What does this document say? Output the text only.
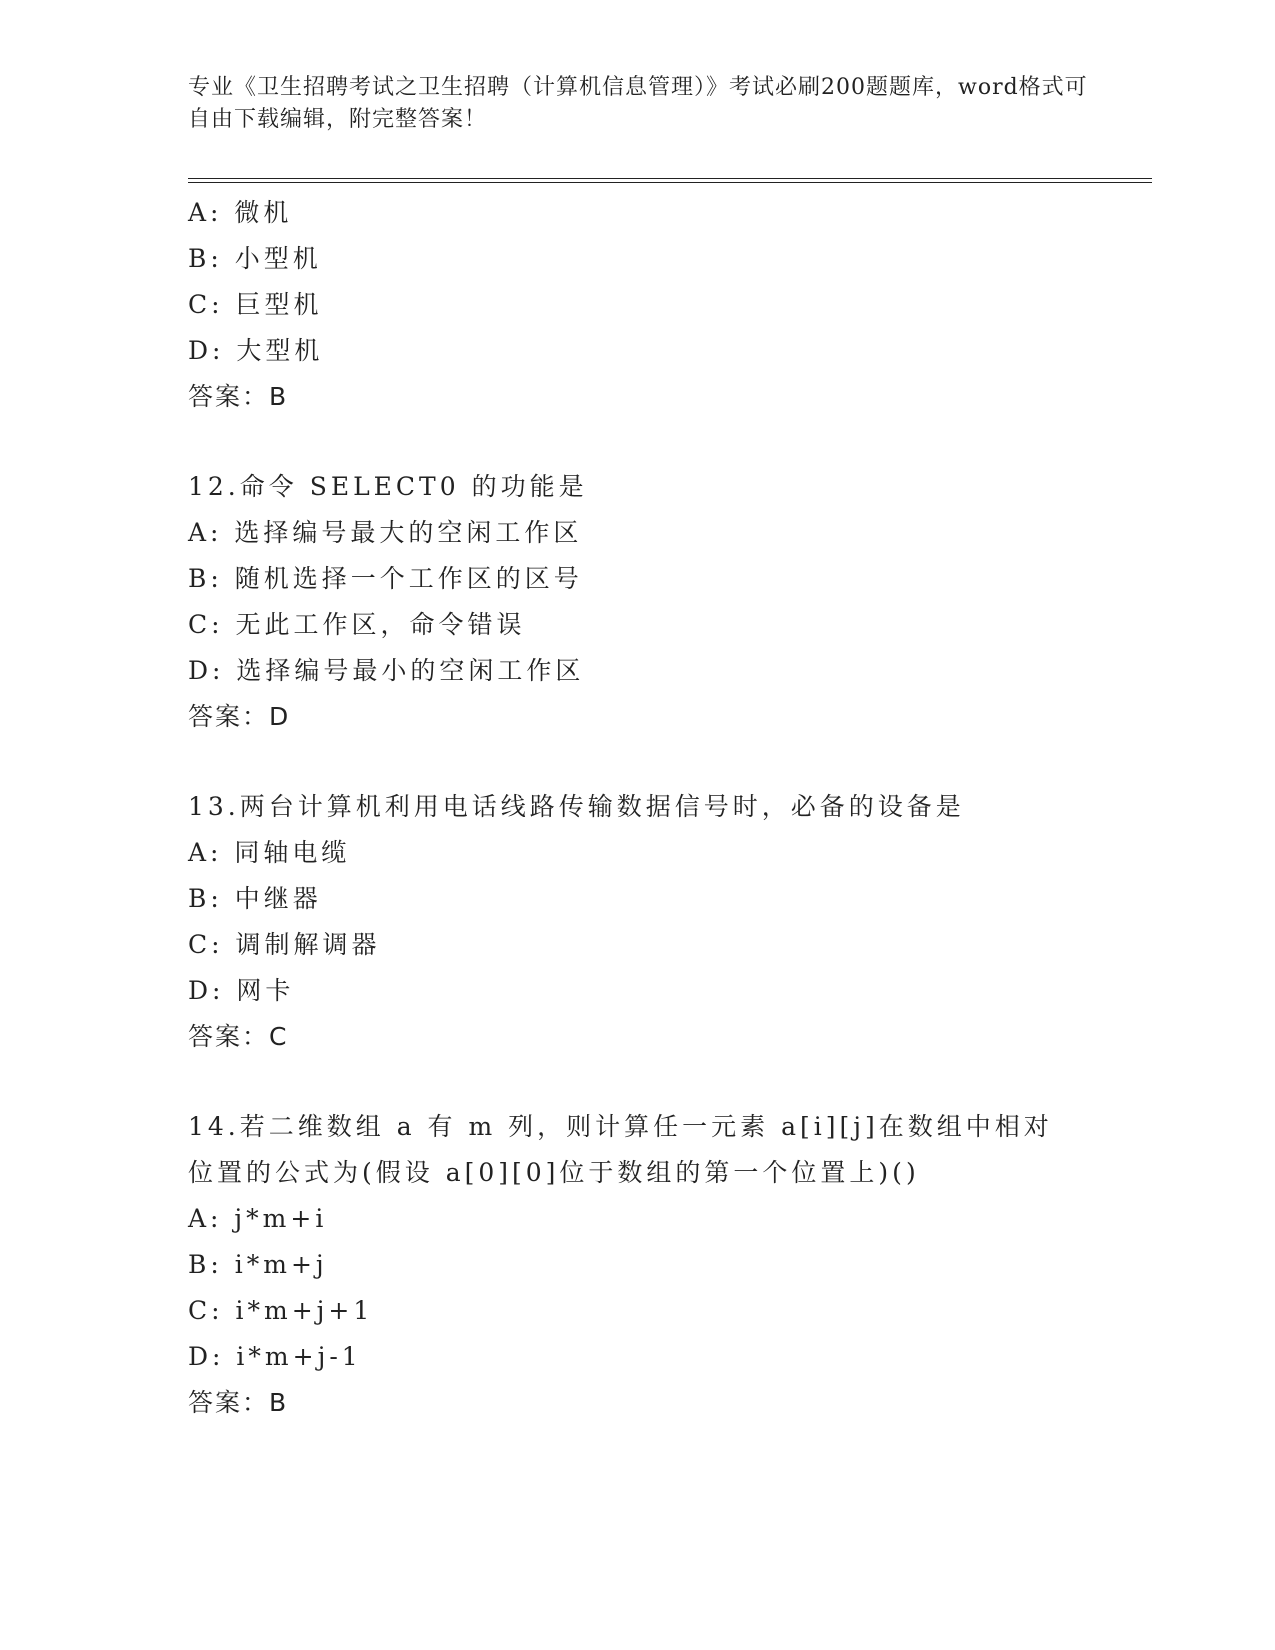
专业《卫生招聘考试之卫生招聘（计算机信息管理）》考试必刷200题题库，word格式可自由下载编辑，附完整答案！
A: 微机
B: 小型机
C: 巨型机
D: 大型机
答案：B
12.命令 SELECT0 的功能是
A: 选择编号最大的空闲工作区
B: 随机选择一个工作区的区号
C: 无此工作区，命令错误
D: 选择编号最小的空闲工作区
答案：D
13.两台计算机利用电话线路传输数据信号时，必备的设备是
A: 同轴电缆
B: 中继器
C: 调制解调器
D: 网卡
答案：C
14.若二维数组 a 有 m 列，则计算任一元素 a[i][j]在数组中相对位置的公式为(假设 a[0][0]位于数组的第一个位置上)()
A: j*m+i
B: i*m+j
C: i*m+j+1
D: i*m+j-1
答案：B
